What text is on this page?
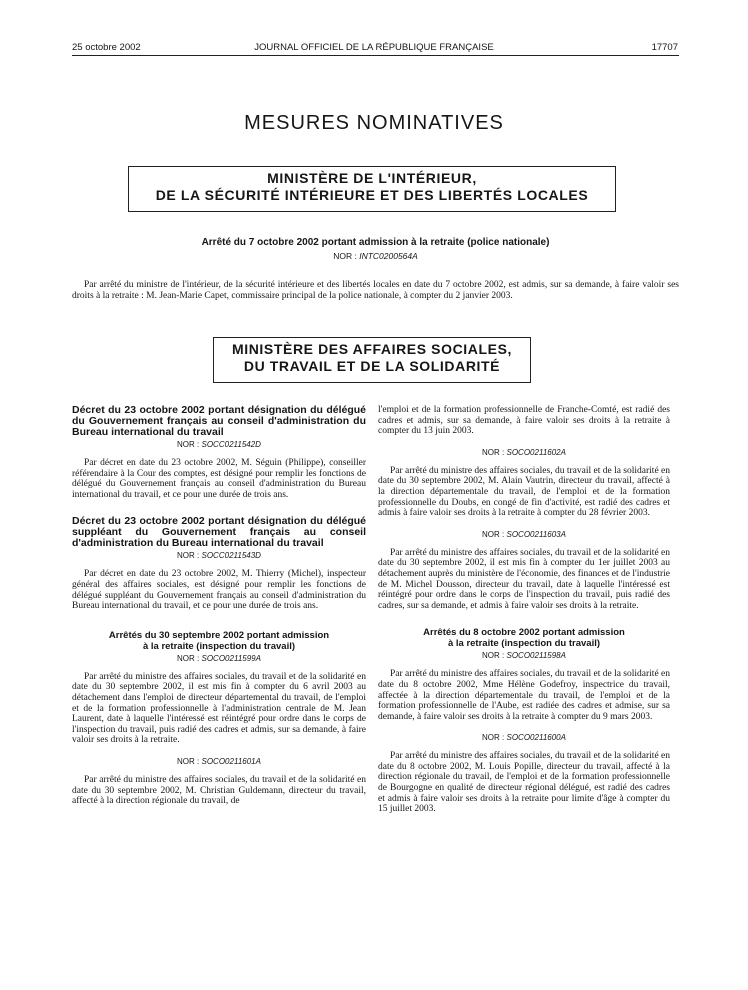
25 octobre 2002	JOURNAL OFFICIEL DE LA RÉPUBLIQUE FRANÇAISE	17707
MESURES NOMINATIVES
MINISTÈRE DE L'INTÉRIEUR,
DE LA SÉCURITÉ INTÉRIEURE ET DES LIBERTÉS LOCALES
Arrêté du 7 octobre 2002 portant admission à la retraite (police nationale)
NOR : INTC0200564A

Par arrêté du ministre de l'intérieur, de la sécurité intérieure et des libertés locales en date du 7 octobre 2002, est admis, sur sa demande, à faire valoir ses droits à la retraite : M. Jean-Marie Capet, commissaire principal de la police nationale, à compter du 2 janvier 2003.

MINISTÈRE DES AFFAIRES SOCIALES,
DU TRAVAIL ET DE LA SOLIDARITÉ
Décret du 23 octobre 2002 portant désignation du délégué du Gouvernement français au conseil d'administration du Bureau international du travail
NOR : SOCC0211542D

Par décret en date du 23 octobre 2002, M. Séguin (Philippe), conseiller référendaire à la Cour des comptes, est désigné pour remplir les fonctions de délégué du Gouvernement français au conseil d'administration du Bureau international du travail, et ce pour une durée de trois ans.

Décret du 23 octobre 2002 portant désignation du délégué suppléant du Gouvernement français au conseil d'administration du Bureau international du travail
NOR : SOCC0211543D

Par décret en date du 23 octobre 2002, M. Thierry (Michel), inspecteur général des affaires sociales, est désigné pour remplir les fonctions de délégué suppléant du Gouvernement français au conseil d'administration du Bureau international du travail, et ce pour une durée de trois ans.

Arrêtés du 30 septembre 2002 portant admission
à la retraite (inspection du travail)
NOR : SOCO0211599A

Par arrêté du ministre des affaires sociales, du travail et de la solidarité en date du 30 septembre 2002, il est mis fin à compter du 6 avril 2003 au détachement dans l'emploi de directeur départemental du travail, de l'emploi et de la formation professionnelle à l'administration centrale de M. Jean Laurent, date à laquelle l'intéressé est réintégré pour ordre dans le corps de l'inspection du travail, puis radié des cadres et admis, sur sa demande, à faire valoir ses droits à la retraite.

NOR : SOCO0211601A

Par arrêté du ministre des affaires sociales, du travail et de la solidarité en date du 30 septembre 2002, M. Christian Guldemann, directeur du travail, affecté à la direction régionale du travail, de

l'emploi et de la formation professionnelle de Franche-Comté, est radié des cadres et admis, sur sa demande, à faire valoir ses droits à la retraite à compter du 13 juin 2003.

NOR : SOCO0211602A

Par arrêté du ministre des affaires sociales, du travail et de la solidarité en date du 30 septembre 2002, M. Alain Vautrin, directeur du travail, affecté à la direction départementale du travail, de l'emploi et de la formation professionnelle du Doubs, en congé de fin d'activité, est radié des cadres et admis à faire valoir ses droits à la retraite à compter du 28 février 2003.

NOR : SOCO0211603A

Par arrêté du ministre des affaires sociales, du travail et de la solidarité en date du 30 septembre 2002, il est mis fin à compter du 1er juillet 2003 au détachement auprès du ministère de l'économie, des finances et de l'industrie de M. Michel Dousson, directeur du travail, date à laquelle l'intéressé est réintégré pour ordre dans le corps de l'inspection du travail, puis radié des cadres, sur sa demande, et admis à faire valoir ses droits à la retraite.

Arrêtés du 8 octobre 2002 portant admission
à la retraite (inspection du travail)
NOR : SOCO0211598A

Par arrêté du ministre des affaires sociales, du travail et de la solidarité en date du 8 octobre 2002, Mme Hélène Godefroy, inspectrice du travail, affectée à la direction départementale du travail, de l'emploi et de la formation professionnelle de l'Aube, est radiée des cadres et admise, sur sa demande, à faire valoir ses droits à la retraite à compter du 9 mars 2003.

NOR : SOCO0211600A

Par arrêté du ministre des affaires sociales, du travail et de la solidarité en date du 8 octobre 2002, M. Louis Popille, directeur du travail, affecté à la direction régionale du travail, de l'emploi et de la formation professionnelle de Bourgogne en qualité de directeur régional délégué, est radié des cadres et admis à faire valoir ses droits à la retraite pour limite d'âge à compter du 15 juillet 2003.
